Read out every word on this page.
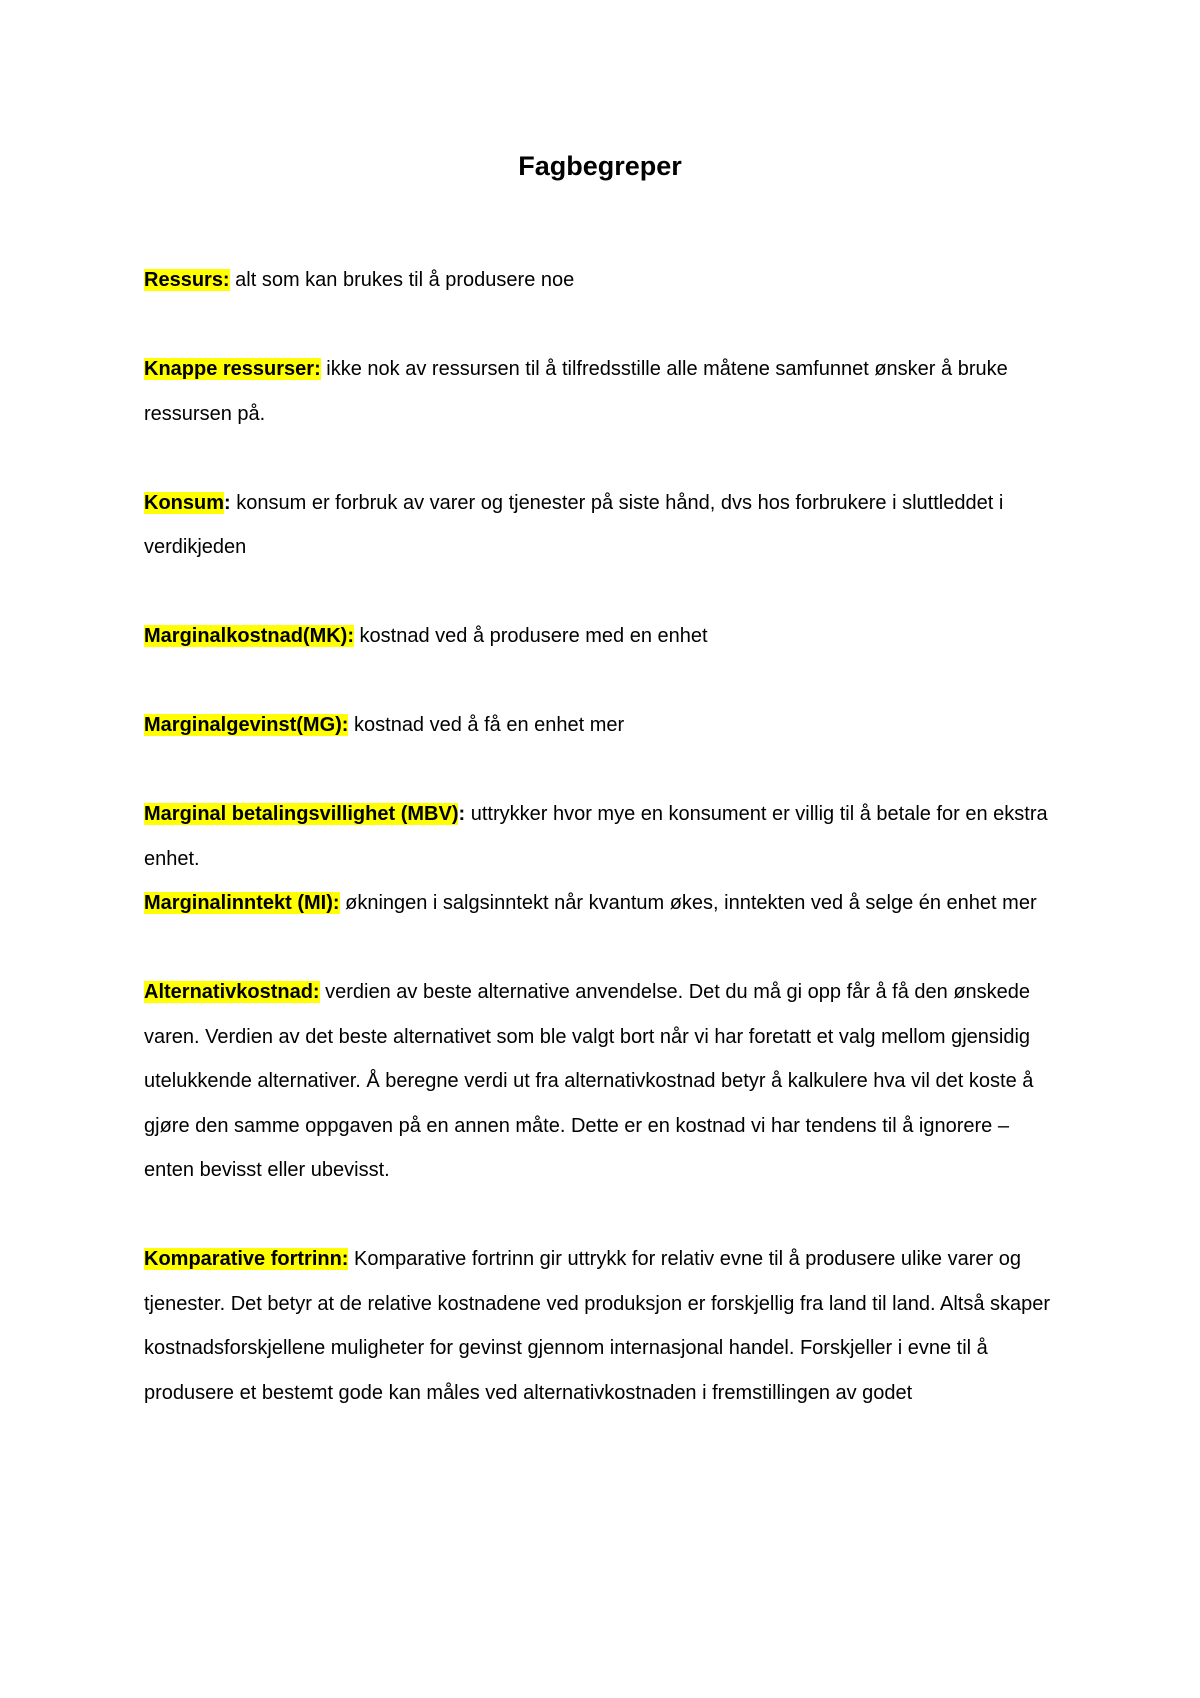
Fagbegreper

Ressurs: alt som kan brukes til å produsere noe

Knappe ressurser: ikke nok av ressursen til å tilfredsstille alle måtene samfunnet ønsker å bruke ressursen på.

Konsum: konsum er forbruk av varer og tjenester på siste hånd, dvs hos forbrukere i sluttleddet i verdikjeden

Marginalkostnad(MK): kostnad ved å produsere med en enhet

Marginalgevinst(MG): kostnad ved å få en enhet mer

Marginal betalingsvillighet (MBV): uttrykker hvor mye en konsument er villig til å betale for en ekstra enhet.

Marginalinntekt (MI): økningen i salgsinntekt når kvantum økes, inntekten ved å selge én enhet mer

Alternativkostnad: verdien av beste alternative anvendelse. Det du må gi opp får å få den ønskede varen. Verdien av det beste alternativet som ble valgt bort når vi har foretatt et valg mellom gjensidig utelukkende alternativer. Å beregne verdi ut fra alternativkostnad betyr å kalkulere hva vil det koste å gjøre den samme oppgaven på en annen måte. Dette er en kostnad vi har tendens til å ignorere – enten bevisst eller ubevisst.

Komparative fortrinn: Komparative fortrinn gir uttrykk for relativ evne til å produsere ulike varer og tjenester. Det betyr at de relative kostnadene ved produksjon er forskjellig fra land til land. Altså skaper kostnadsforskjellene muligheter for gevinst gjennom internasjonal handel. Forskjeller i evne til å produsere et bestemt gode kan måles ved alternativkostnaden i fremstillingen av godet
